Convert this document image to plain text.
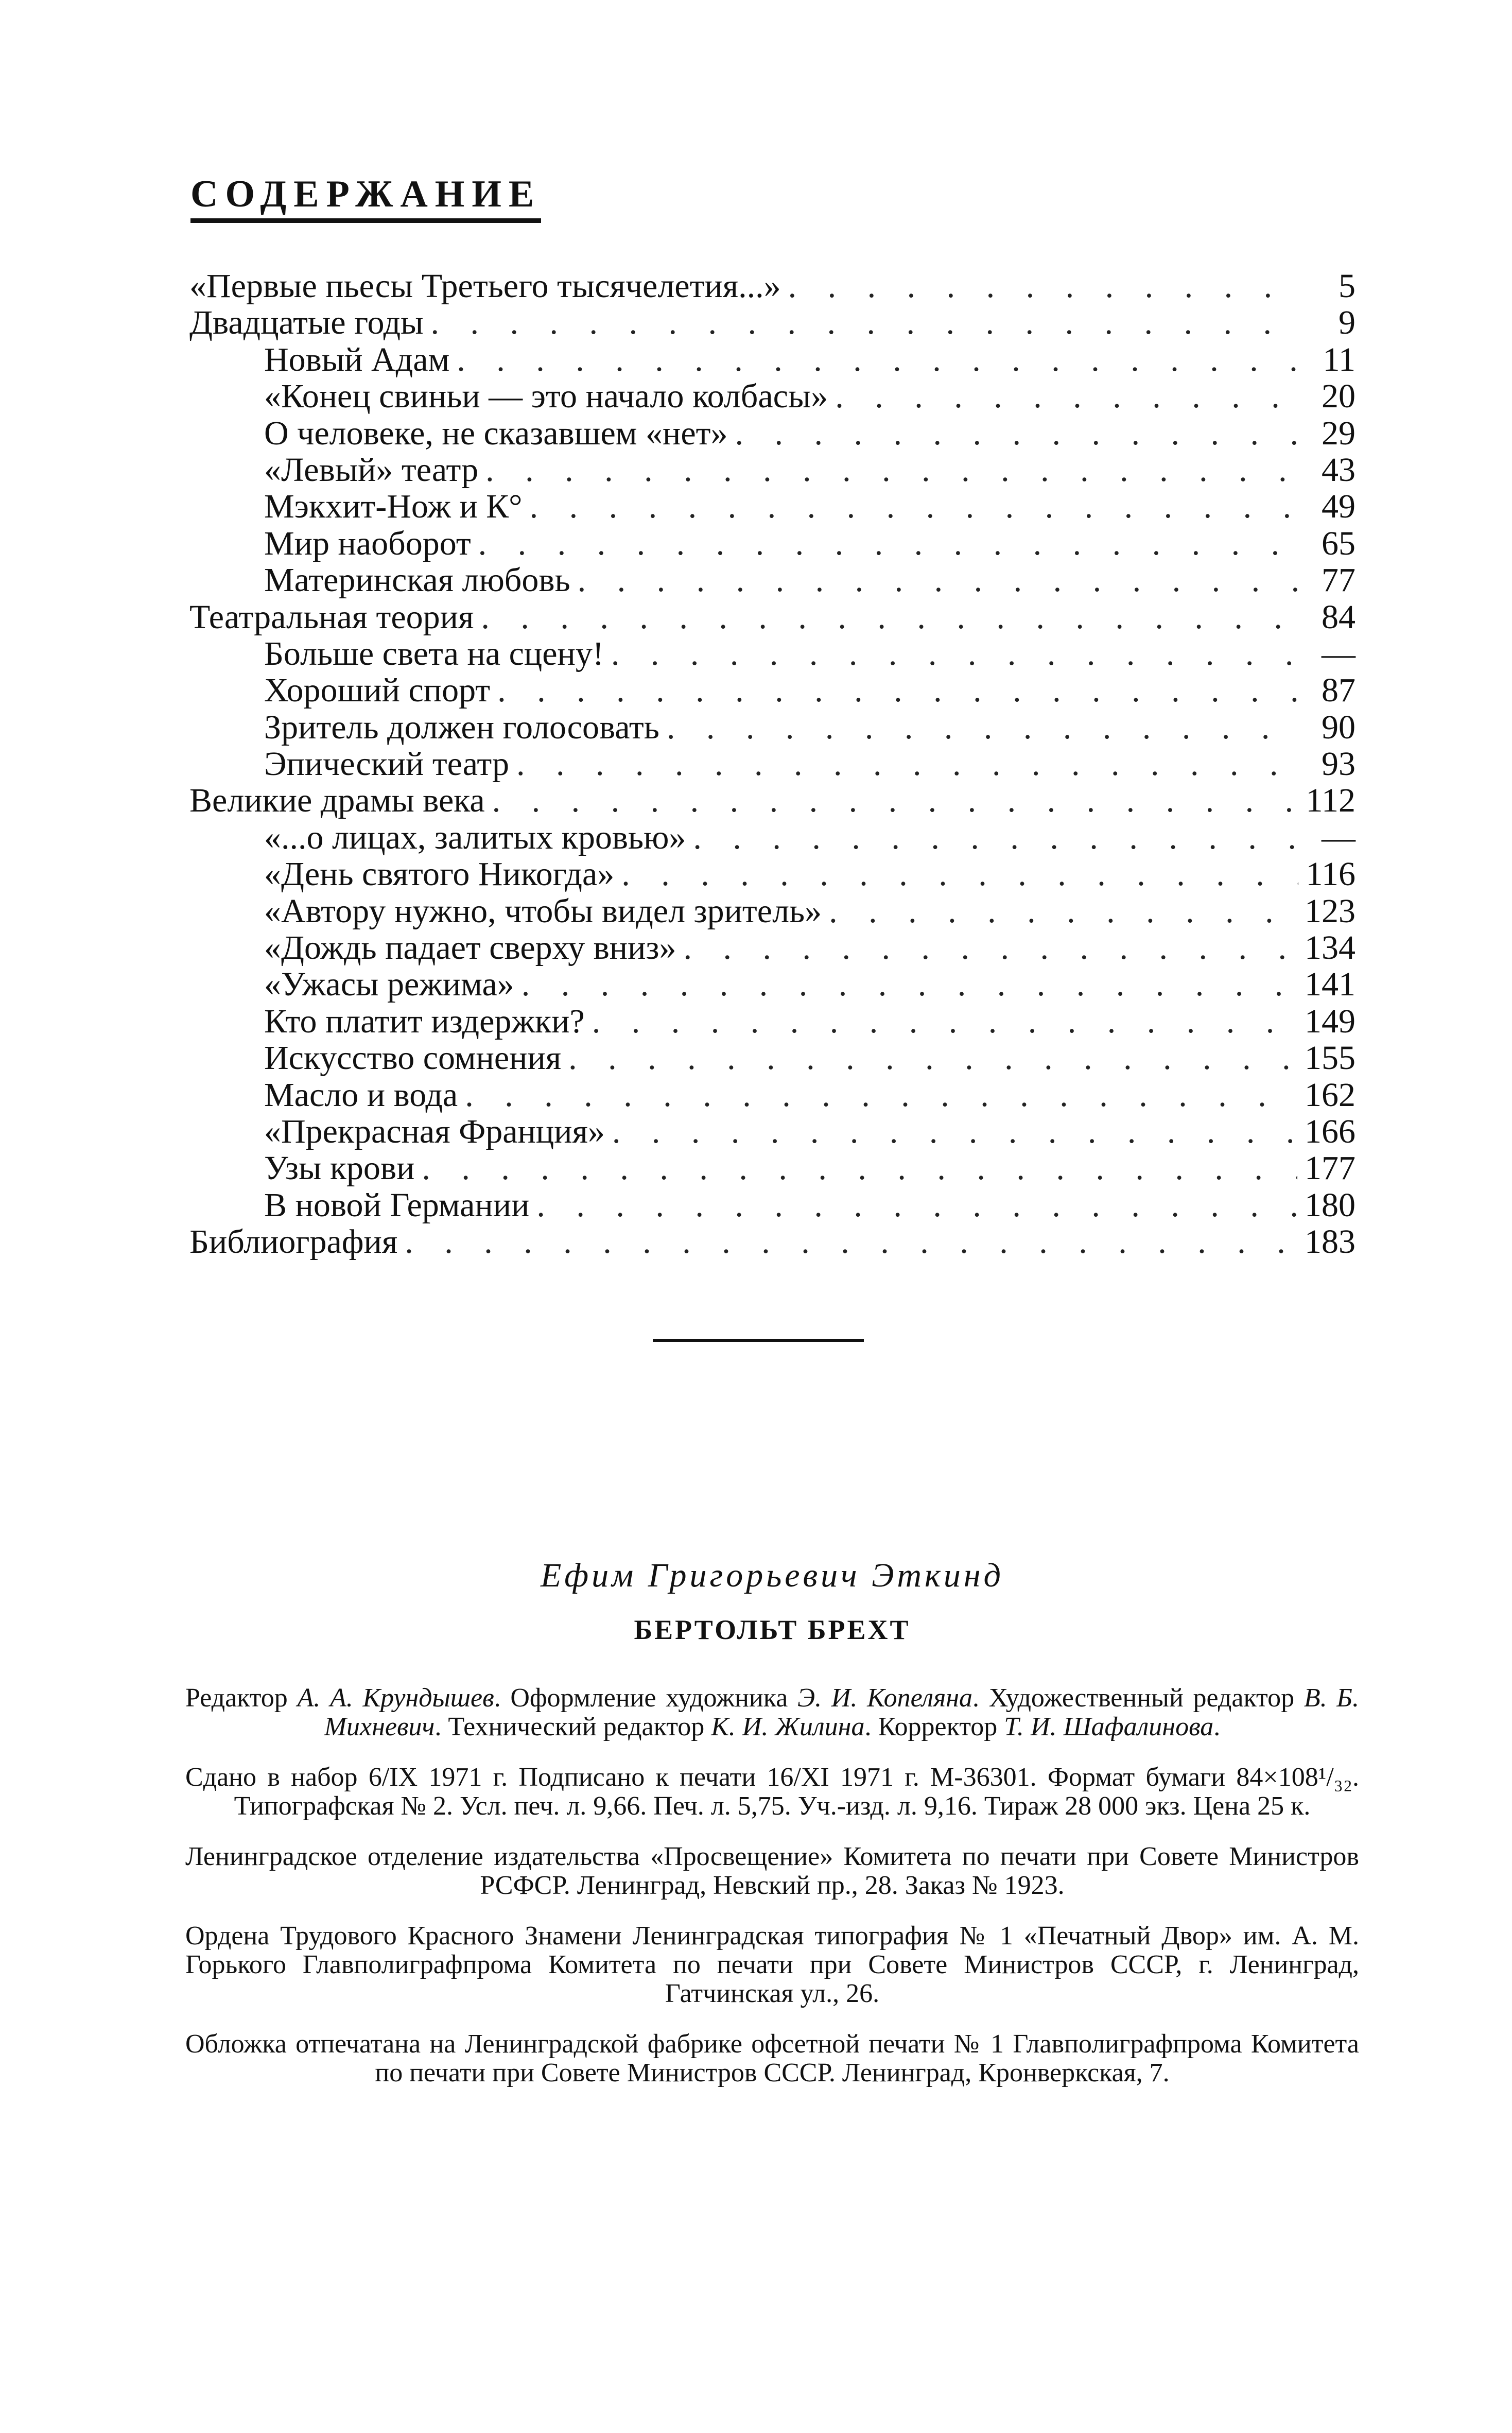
СОДЕРЖАНИЕ
«Первые пьесы Третьего тысячелетия...» . . .	5
Двадцатые годы . . .	9
Новый Адам . . .	11
«Конец свиньи — это начало колбасы» . . .	20
О человеке, не сказавшем «нет» . . .	29
«Левый» театр . . .	43
Мэкхит-Нож и К° . . .	49
Мир наоборот . . .	65
Материнская любовь . . .	77
Театральная теория . . .	84
Больше света на сцену! . . .	—
Хороший спорт . . .	87
Зритель должен голосовать . . .	90
Эпический театр . . .	93
Великие драмы века . . .	112
«...о лицах, залитых кровью» . . .	—
«День святого Никогда» . . .	116
«Автору нужно, чтобы видел зритель» . . .	123
«Дождь падает сверху вниз» . . .	134
«Ужасы режима» . . .	141
Кто платит издержки? . . .	149
Искусство сомнения . . .	155
Масло и вода . . .	162
«Прекрасная Франция» . . .	166
Узы крови . . .	177
В новой Германии . . .	180
Библиография . . .	183
Ефим Григорьевич Эткинд
БЕРТОЛЬТ БРЕХТ
Редактор А. А. Крундышев. Оформление художника Э. И. Копеляна. Художественный редактор В. Б. Михневич. Технический редактор К. И. Жилина. Корректор Т. И. Шафалинова.
Сдано в набор 6/IX 1971 г. Подписано к печати 16/XI 1971 г. М-36301. Формат бумаги 84×108¹/₃₂. Типографская № 2. Усл. печ. л. 9,66. Печ. л. 5,75. Уч.-изд. л. 9,16. Тираж 28 000 экз. Цена 25 к.
Ленинградское отделение издательства «Просвещение» Комитета по печати при Совете Министров РСФСР. Ленинград, Невский пр., 28. Заказ № 1923.
Ордена Трудового Красного Знамени Ленинградская типография № 1 «Печатный Двор» им. А. М. Горького Главполиграфпрома Комитета по печати при Совете Министров СССР, г. Ленинград, Гатчинская ул., 26.
Обложка отпечатана на Ленинградской фабрике офсетной печати № 1 Главполиграфпрома Комитета по печати при Совете Министров СССР. Ленинград, Кронверкская, 7.
